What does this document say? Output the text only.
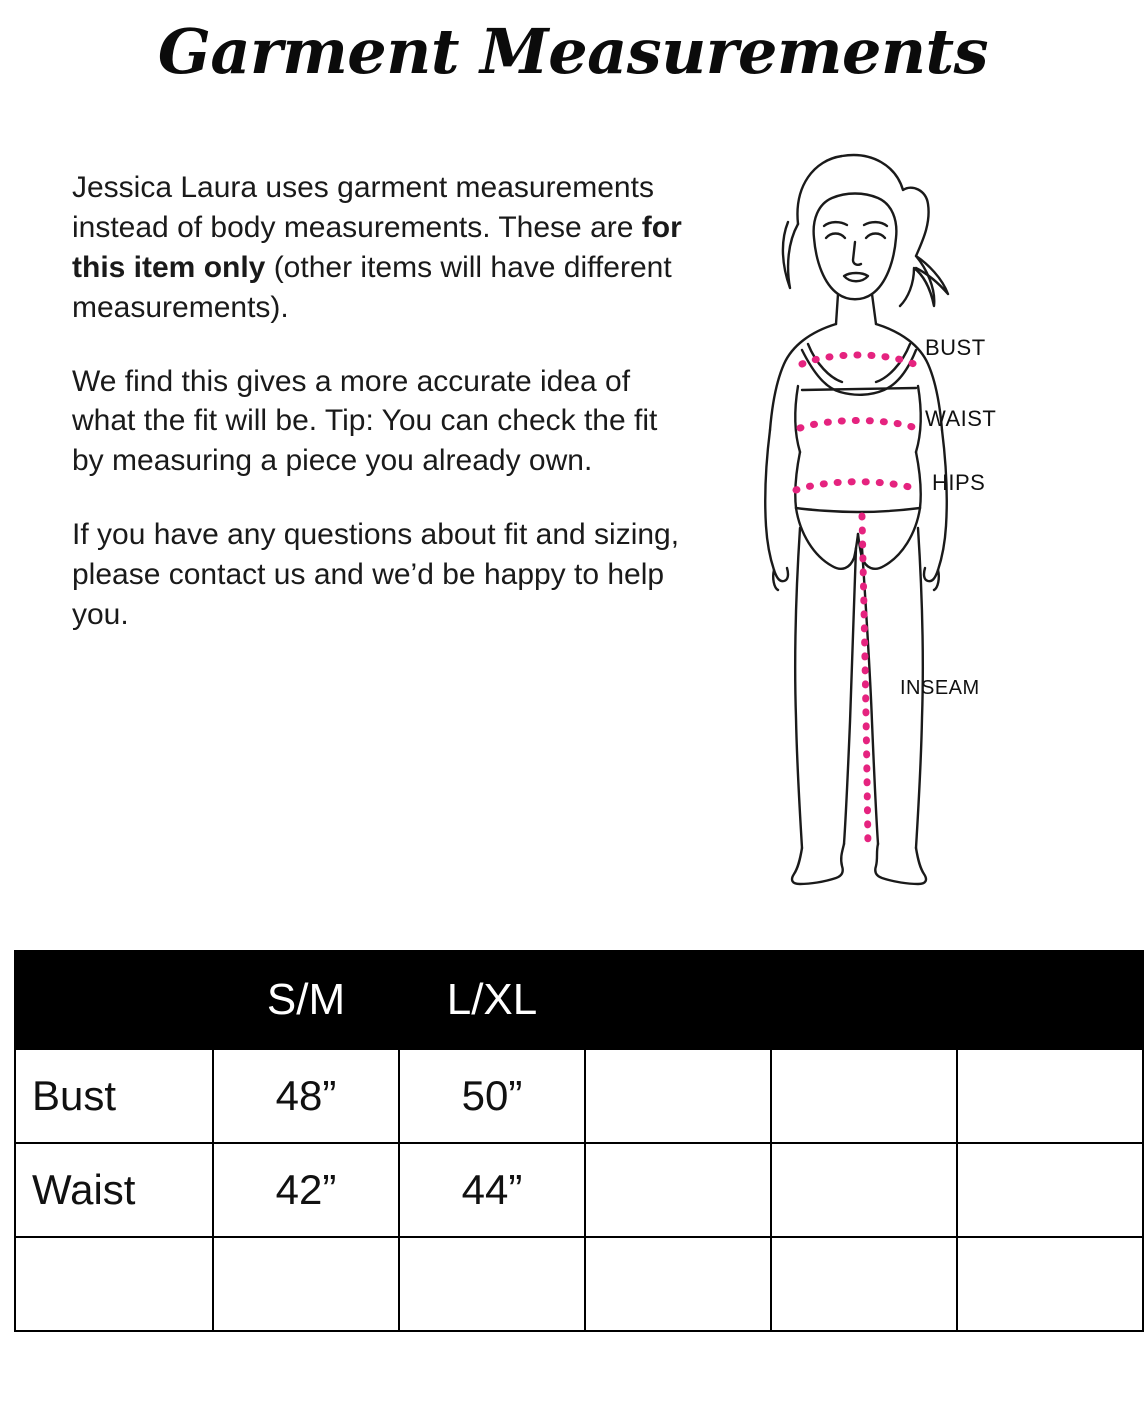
Garment Measurements

Jessica Laura uses garment measurements instead of body measurements. These are for this item only (other items will have different measurements).

We find this gives a more accurate idea of what the fit will be. Tip: You can check the fit by measuring a piece you already own.

If you have any questions about fit and sizing, please contact us and we’d be happy to help you.

BUST
WAIST
HIPS
INSEAM
	S/M	L/XL			
Bust	48”	50”			
Waist	42”	44”			
